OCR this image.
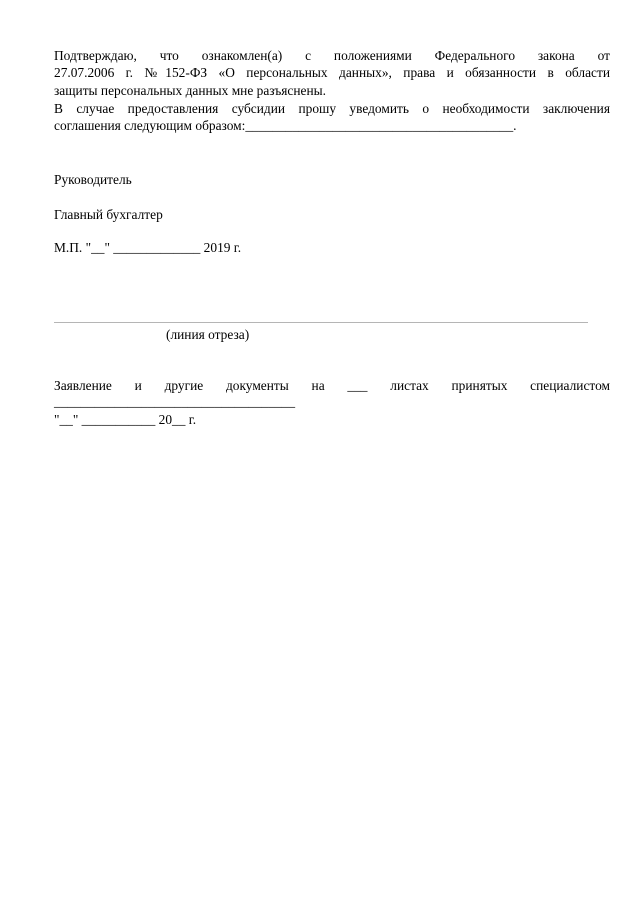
Подтверждаю, что ознакомлен(а) с положениями Федерального закона от
27.07.2006 г. №152-ФЗ «О персональных данных», права и обязанности в области
защиты персональных данных мне разъяснены.
В случае предоставления субсидии прошу уведомить о необходимости заключения
соглашения следующим образом:________________________________________.
Руководитель
Главный бухгалтер
М.П. "__" _____________ 2019 г.
(линия отреза)
Заявление и другие документы на ___ листах принятых специалистом
____________________________________
"__" ___________ 20__ г.
